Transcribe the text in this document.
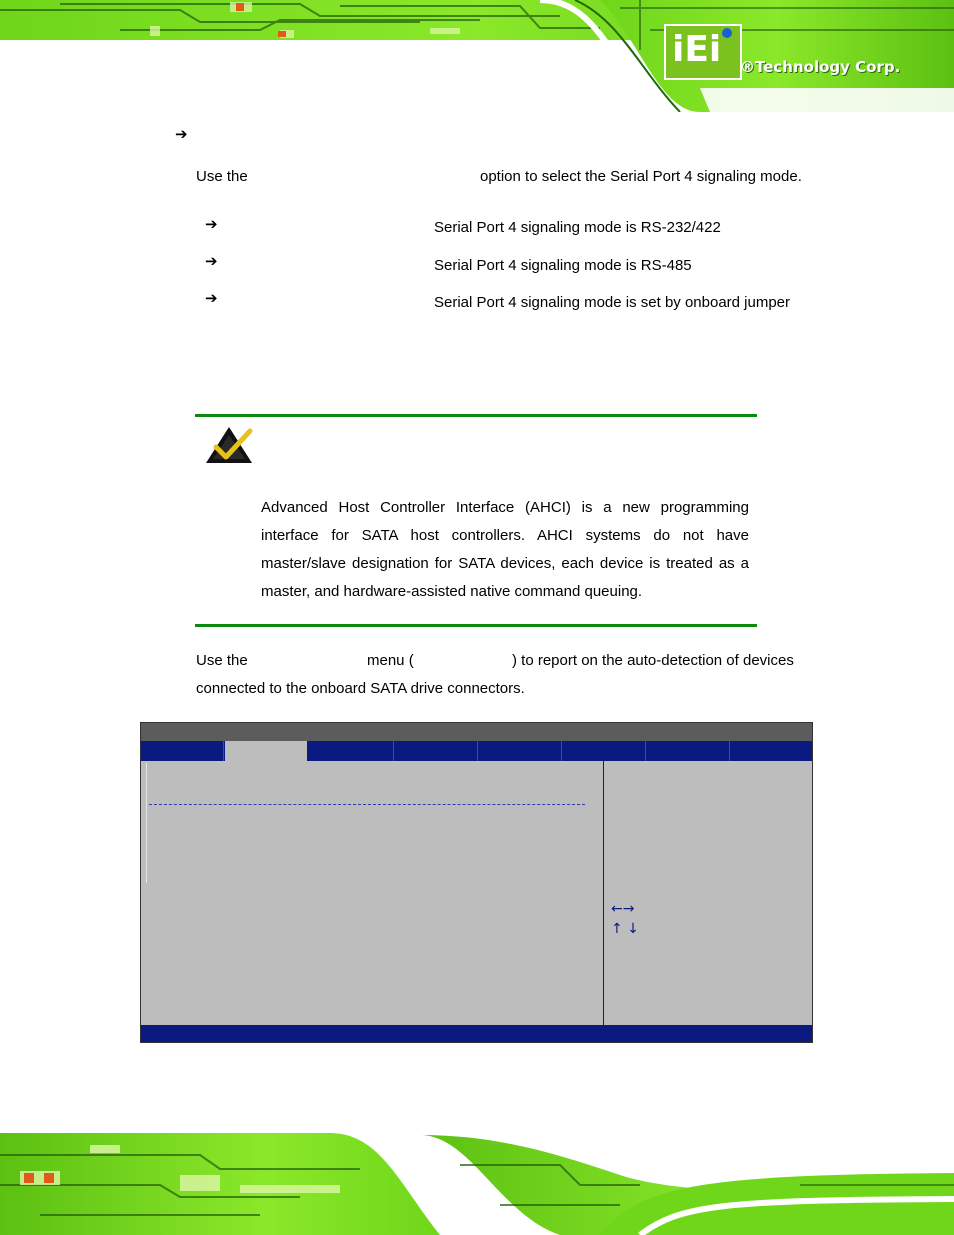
iEi ®Technology Corp.
➔
Use the	option to select the Serial Port 4 signaling mode.
➔	Serial Port 4 signaling mode is RS-232/422
➔	Serial Port 4 signaling mode is RS-485
➔	Serial Port 4 signaling mode is set by onboard jumper
Advanced Host Controller Interface (AHCI) is a new programming interface for SATA host controllers. AHCI systems do not have master/slave designation for SATA devices, each device is treated as a master, and hardware-assisted native command queuing.
Use the	menu (	) to report on the auto-detection of devices
connected to the onboard SATA drive connectors.
←→
↑ ↓
